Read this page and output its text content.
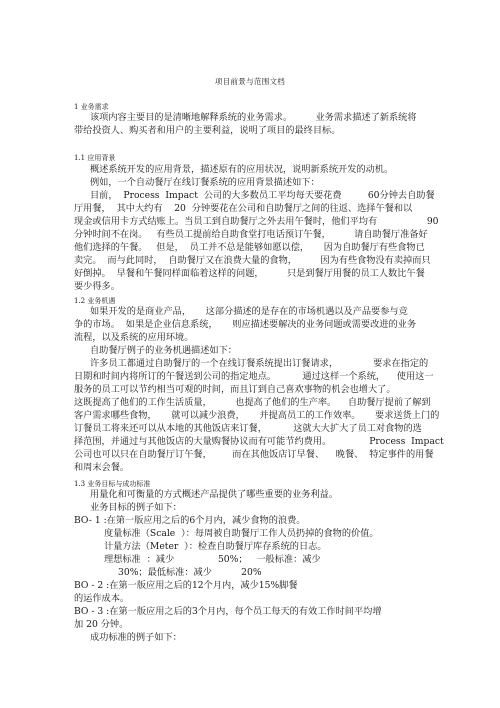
项目前景与范围文档
1 业务需求
该项内容主要目的是清晰地解释系统的业务需求。        业务需求描述了新系统将
带给投资人、购买者和用户的主要利益，说明了项目的最终目标。
1.1 应用背景
概述系统开发的应用背景，描述原有的应用状况，说明新系统开发的动机。
例如，一个自动餐厅在线订餐系统的应用背景描述如下：
目前，  Process  Impact  公司的大多数员工平均每天要花费         60分钟去自助餐
厅用餐，  其中大约有    20  分钟要花在公司和自助餐厅之间的往返、选择午餐和以
现金或信用卡方式结账上。当员工到自助餐厅之外去用午餐时，他们平均有                 90
分钟时间不在岗。   有些员工提前给自助食堂打电话预订午餐，        请自助餐厅准备好
他们选择的午餐。   但是，  员工并不总是能够如愿以偿，     因为自助餐厅有些食物已
卖完。  而与此同时，  自助餐厅又在浪费大量的食物，        因为有些食物没有卖掉而只
好倒掉。  早餐和午餐同样面临着这样的问题，        只是到餐厅用餐的员工人数比午餐
要少得多。
1.2 业务机遇
如果开发的是商业产品，     这部分描述的是存在的市场机遇以及产品要参与竞
争的市场。  如果是企业信息系统，     则应描述要解决的业务问题或需要改进的业务
流程，以及系统的应用环境。
自助餐厅例子的业务机遇描述如下：
许多员工都通过自助餐厅的一个在线订餐系统提出订餐请求，            要求在指定的
日期和时间内将所订的午餐送到公司的指定地点。         通过这样一个系统，    使用这一
服务的员工可以节约相当可观的时间，而且订到自己喜欢事物的机会也增大了。
这既提高了他们的工作生活质量，        也提高了他们的生产率。    自助餐厅提前了解到
客户需求哪些食物，     就可以减少浪费，     并提高员工的工作效率。     要求送货上门的
订餐员工将来还可以从本地的其他饭店来订餐，         这就大大扩大了员工对食物的选
择范围，并通过与其他饭店的大量购餐协议而有可能节约费用。             Process  Impact
公司也可以只在自助餐厅订午餐，       而在其他饭店订早餐、    晚餐、  特定事件的用餐
和周末会餐。
1.3 业务目标与成功标准
用量化和可衡量的方式概述产品提供了哪些重要的业务利益。
业务目标的例子如下：
BO- 1 :在第一版应用之后的6个月内，减少食物的浪费。
度量标准（Scale  ）：每周被自助餐厅工作人员扔掉的食物的价值。
计量方法（Meter  ）：检查自助餐厅库存系统的日志。
理想标准  ：减少               50%；   一般标准：减少
30%；最低标准：减少          20%
BO - 2 :在第一版应用之后的12个月内，减少15%脚餐
的运作成本。
BO - 3 :在第一版应用之后的3个月内，每个员工每天的有效工作时间平均增
加 20 分钟。
成功标准的例子如下：
